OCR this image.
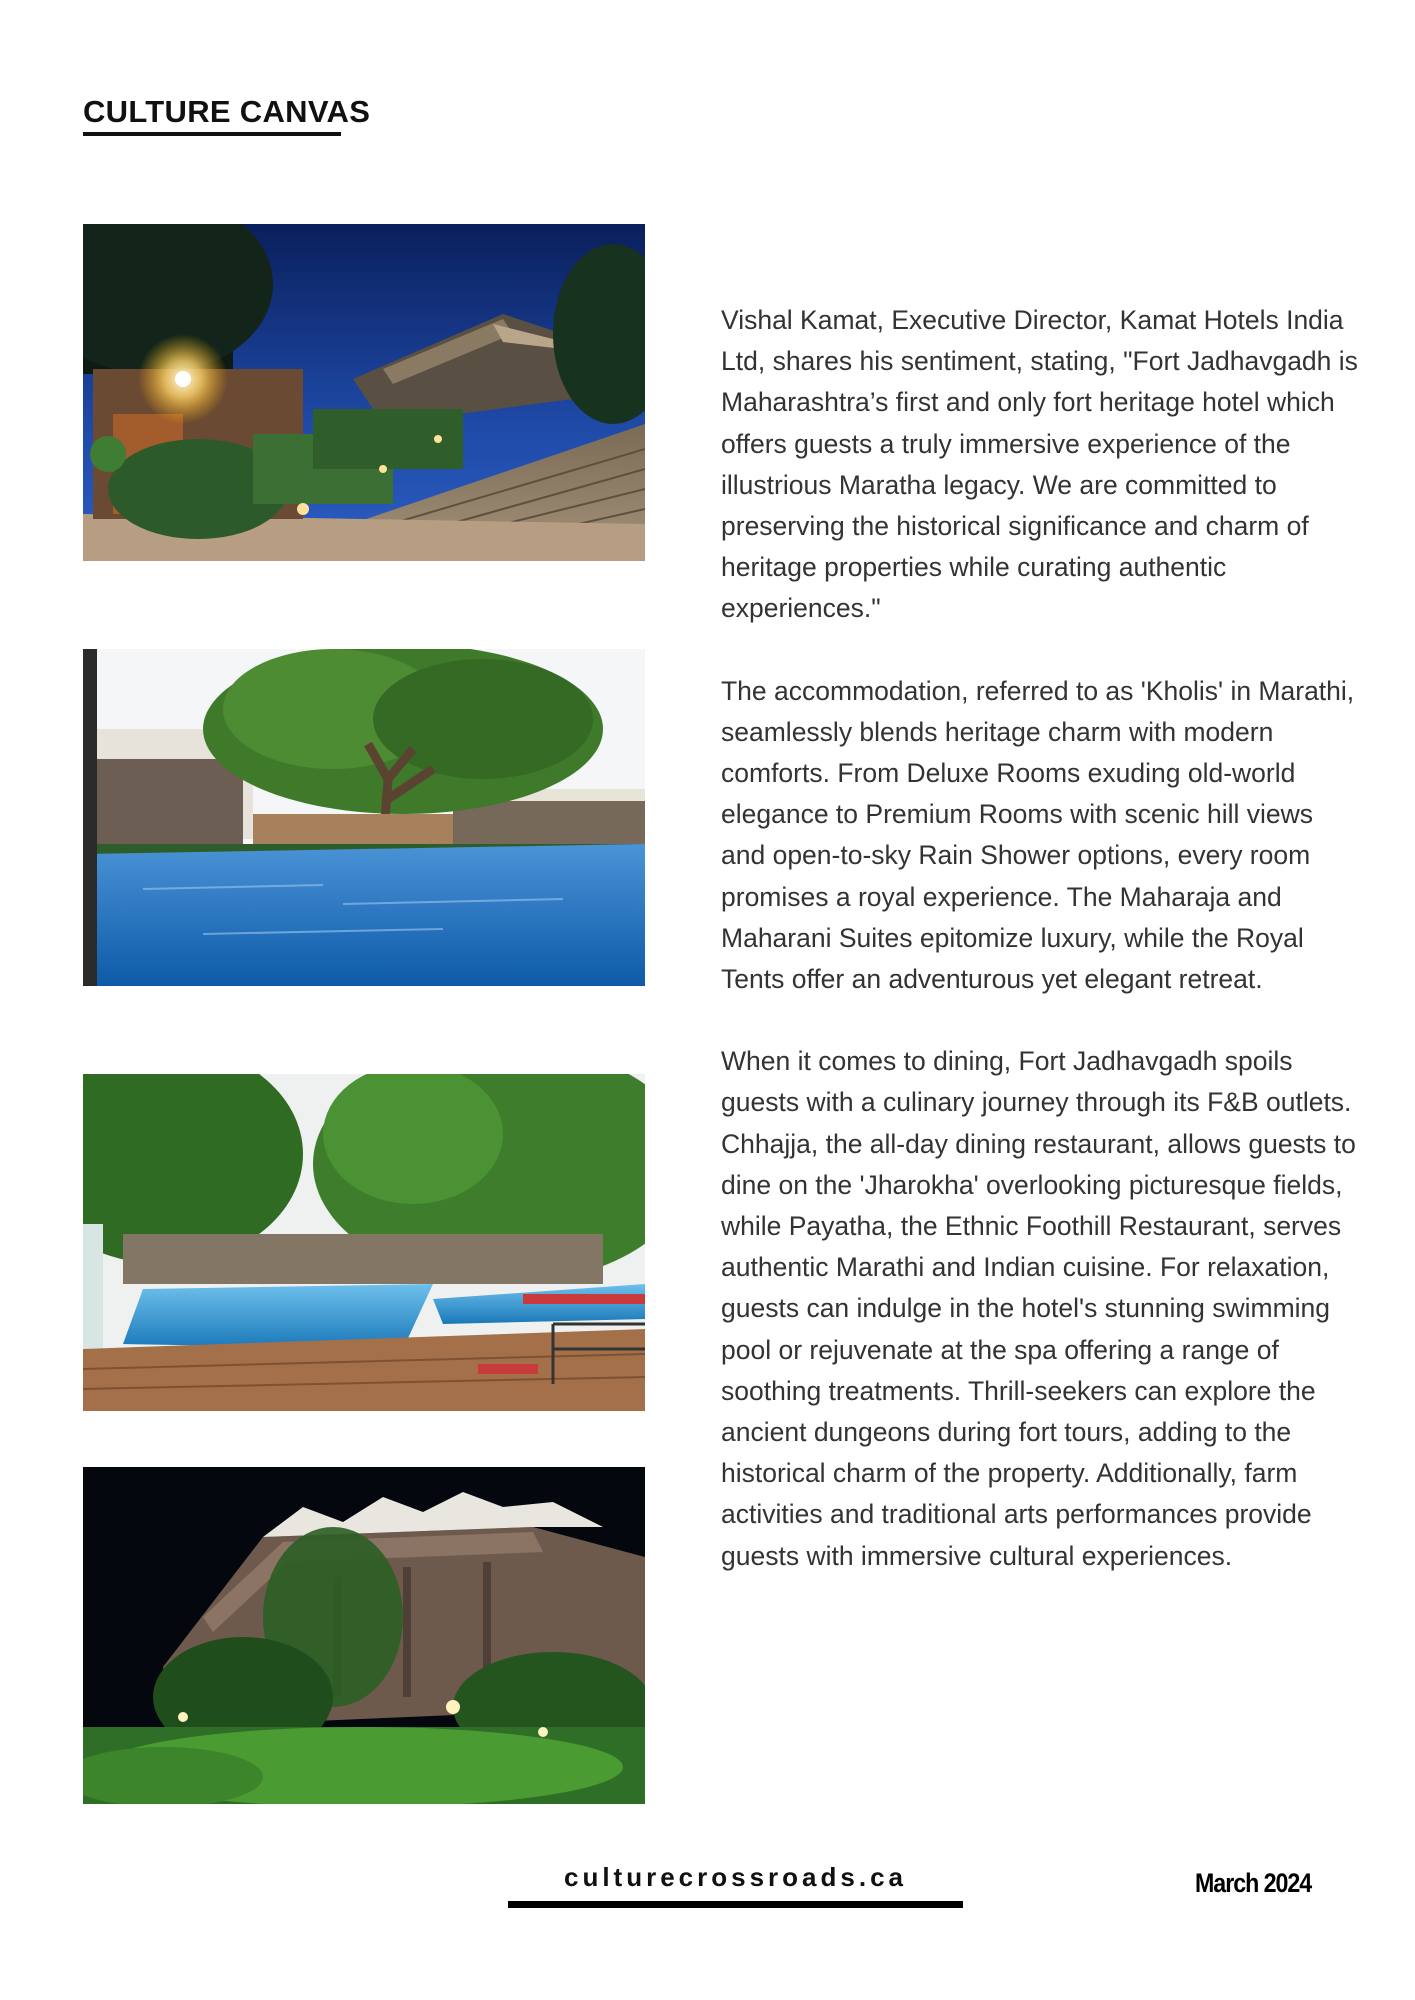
CULTURE CANVAS

Vishal Kamat, Executive Director, Kamat Hotels India Ltd, shares his sentiment, stating, "Fort Jadhavgadh is Maharashtra’s first and only fort heritage hotel which offers guests a truly immersive experience of the illustrious Maratha legacy. We are committed to preserving the historical significance and charm of heritage properties while curating authentic experiences."

The accommodation, referred to as 'Kholis' in Marathi, seamlessly blends heritage charm with modern comforts. From Deluxe Rooms exuding old-world elegance to Premium Rooms with scenic hill views and open-to-sky Rain Shower options, every room promises a royal experience. The Maharaja and Maharani Suites epitomize luxury, while the Royal Tents offer an adventurous yet elegant retreat.

When it comes to dining, Fort Jadhavgadh spoils guests with a culinary journey through its F&B outlets. Chhajja, the all-day dining restaurant, allows guests to dine on the 'Jharokha' overlooking picturesque fields, while Payatha, the Ethnic Foothill Restaurant, serves authentic Marathi and Indian cuisine. For relaxation, guests can indulge in the hotel's stunning swimming pool or rejuvenate at the spa offering a range of soothing treatments. Thrill-seekers can explore the ancient dungeons during fort tours, adding to the historical charm of the property. Additionally, farm activities and traditional arts performances provide guests with immersive cultural experiences.

culturecrossroads.ca	March 2024
